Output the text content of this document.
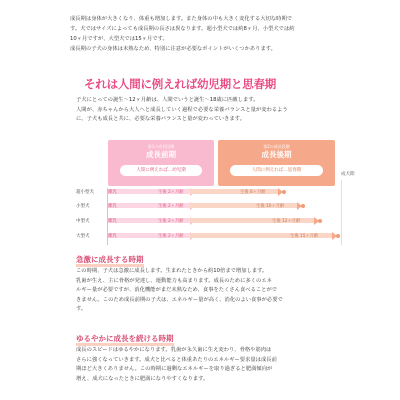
成長期は身体が大きくなり、体重も増加します。また身体の中も大きく変化する大切な時期で

す。犬ではサイズによっても成長期の長さは異なります。超小型犬では約8ヶ月、小型犬では約

10ヶ月ですが、大型犬では15ヶ月です。

成長期の子犬の身体は未熟なため、特別に注意が必要なポイントがいくつかあります。

それは人間に例えれば幼児期と思春期

子犬にとっての誕生〜12ヶ月齢は、人間でいうと誕生〜18歳に匹敵します。

人間が、赤ちゃんから大人へと成長していく過程で必要な栄養バランスと量が変わるよう

に、子犬も成長と共に、必要な栄養バランスと量が変わっていきます。

第1の成長段階
成長前期
人間に例えれば…幼児期
第2の成長段階
成長後期
人間に例えれば…思春期
成犬期
超小型犬	離乳	生後 2ヶ月齢	生後 8ヶ月齢
小型犬	離乳	生後 2ヶ月齢	生後 10ヶ月齢
中型犬	離乳	生後 2ヶ月齢	生後 12ヶ月齢
大型犬	離乳	生後 2ヶ月齢	生後 15ヶ月齢
急激に成長する時期

この時期、子犬は急激に成長します。生まれたときから約10倍まで増加します。

乳歯が生え、主に骨格が発達し、運動能力も高まります。成長のために多くのエネ

ルギー量が必要ですが、消化機能がまだ未熟なため、食事をたくさん食べることがで

きません。このため成長前期の子犬は、エネルギー量が高く、消化のよい食事が必要で

す。

ゆるやかに成長を続ける時期

成長のスピードはゆるやかになります。乳歯が永久歯に生え変わり、骨格や筋肉は

さらに強くなっていきます。成犬と比べると体重あたりのエネルギー要求量は成長前

期ほど大きくありません。この時期に過剰なエネルギーを取り過ぎると肥満傾向が

増え、成犬になったときに肥満になりやすくなります。
